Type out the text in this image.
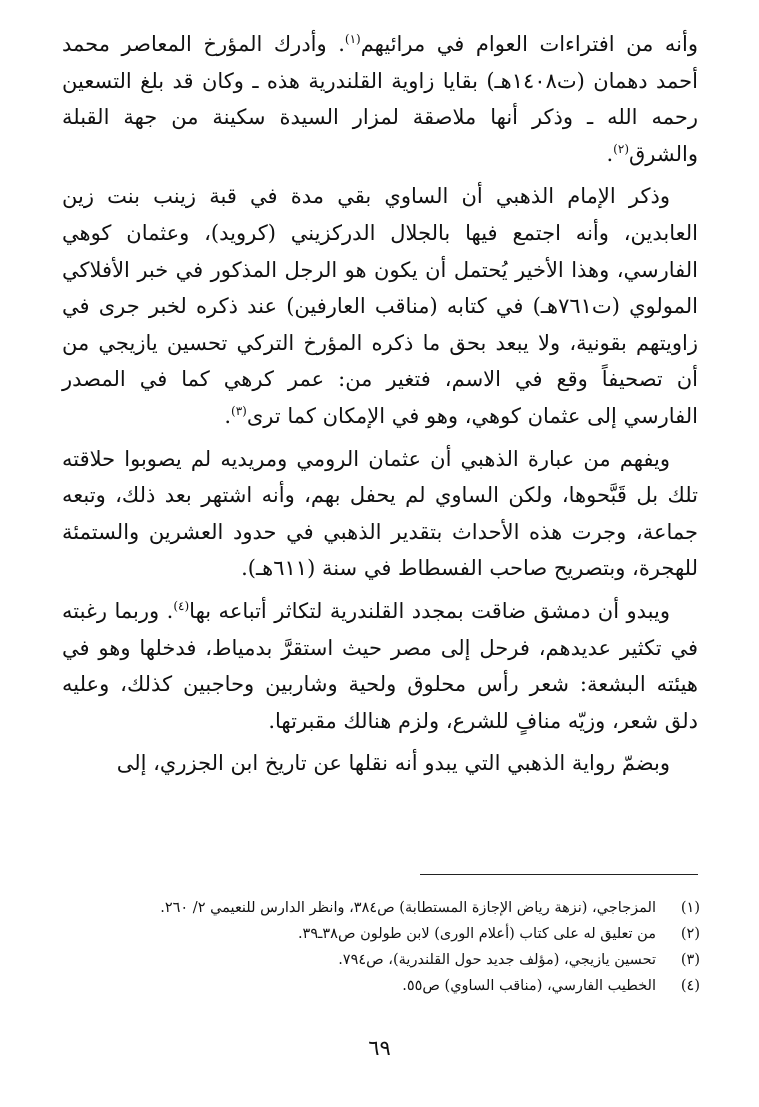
وأنه من افتراءات العوام في مرائيهم$^{(١)}$. وأدرك المؤرخ المعاصر محمد أحمد دهمان (ت١٤٠٨هـ) بقايا زاوية القلندرية هذه ـ وكان قد بلغ التسعين رحمه الله ـ وذكر أنها ملاصقة لمزار السيدة سكينة من جهة القبلة والشرق$^{(٢)}$.

وذكر الإمام الذهبي أن الساوي بقي مدة في قبة زينب بنت زين العابدين، وأنه اجتمع فيها بالجلال الدركزيني (كرويد)، وعثمان كوهي الفارسي، وهذا الأخير يُحتمل أن يكون هو الرجل المذكور في خبر الأفلاكي المولوي (ت٧٦١هـ) في كتابه (مناقب العارفين) عند ذكره لخبر جرى في زاويتهم بقونية، ولا يبعد بحق ما ذكره المؤرخ التركي تحسين يازيجي من أن تصحيفاً وقع في الاسم، فتغير من: عمر كرهي كما في المصدر الفارسي إلى عثمان كوهي، وهو في الإمكان كما ترى$^{(٣)}$.

ويفهم من عبارة الذهبي أن عثمان الرومي ومريديه لم يصوبوا حلاقته تلك بل قَبَّحوها، ولكن الساوي لم يحفل بهم، وأنه اشتهر بعد ذلك، وتبعه جماعة، وجرت هذه الأحداث بتقدير الذهبي في حدود العشرين والستمئة للهجرة، وبتصريح صاحب الفسطاط في سنة (٦١١هـ).

ويبدو أن دمشق ضاقت بمجدد القلندرية لتكاثر أتباعه بها$^{(٤)}$. وربما رغبته في تكثير عديدهم، فرحل إلى مصر حيث استقرَّ بدمياط، فدخلها وهو في هيئته البشعة: شعر رأس محلوق ولحية وشاربين وحاجبين كذلك، وعليه دلق شعر، وزيّه منافٍ للشرع، ولزم هنالك مقبرتها.

وبضمّ رواية الذهبي التي يبدو أنه نقلها عن تاريخ ابن الجزري، إلى

(١)
المزجاجي، (نزهة رياض الإجازة المستطابة) ص٣٨٤، وانظر الدارس للنعيمي ٢/ ٢٦٠.
(٢)
من تعليق له على كتاب (أعلام الورى) لابن طولون ص٣٨ـ٣٩.
(٣)
تحسين يازيجي، (مؤلف جديد حول القلندرية)، ص٧٩٤.
(٤)
الخطيب الفارسي، (مناقب الساوي) ص٥٥.
٦٩
